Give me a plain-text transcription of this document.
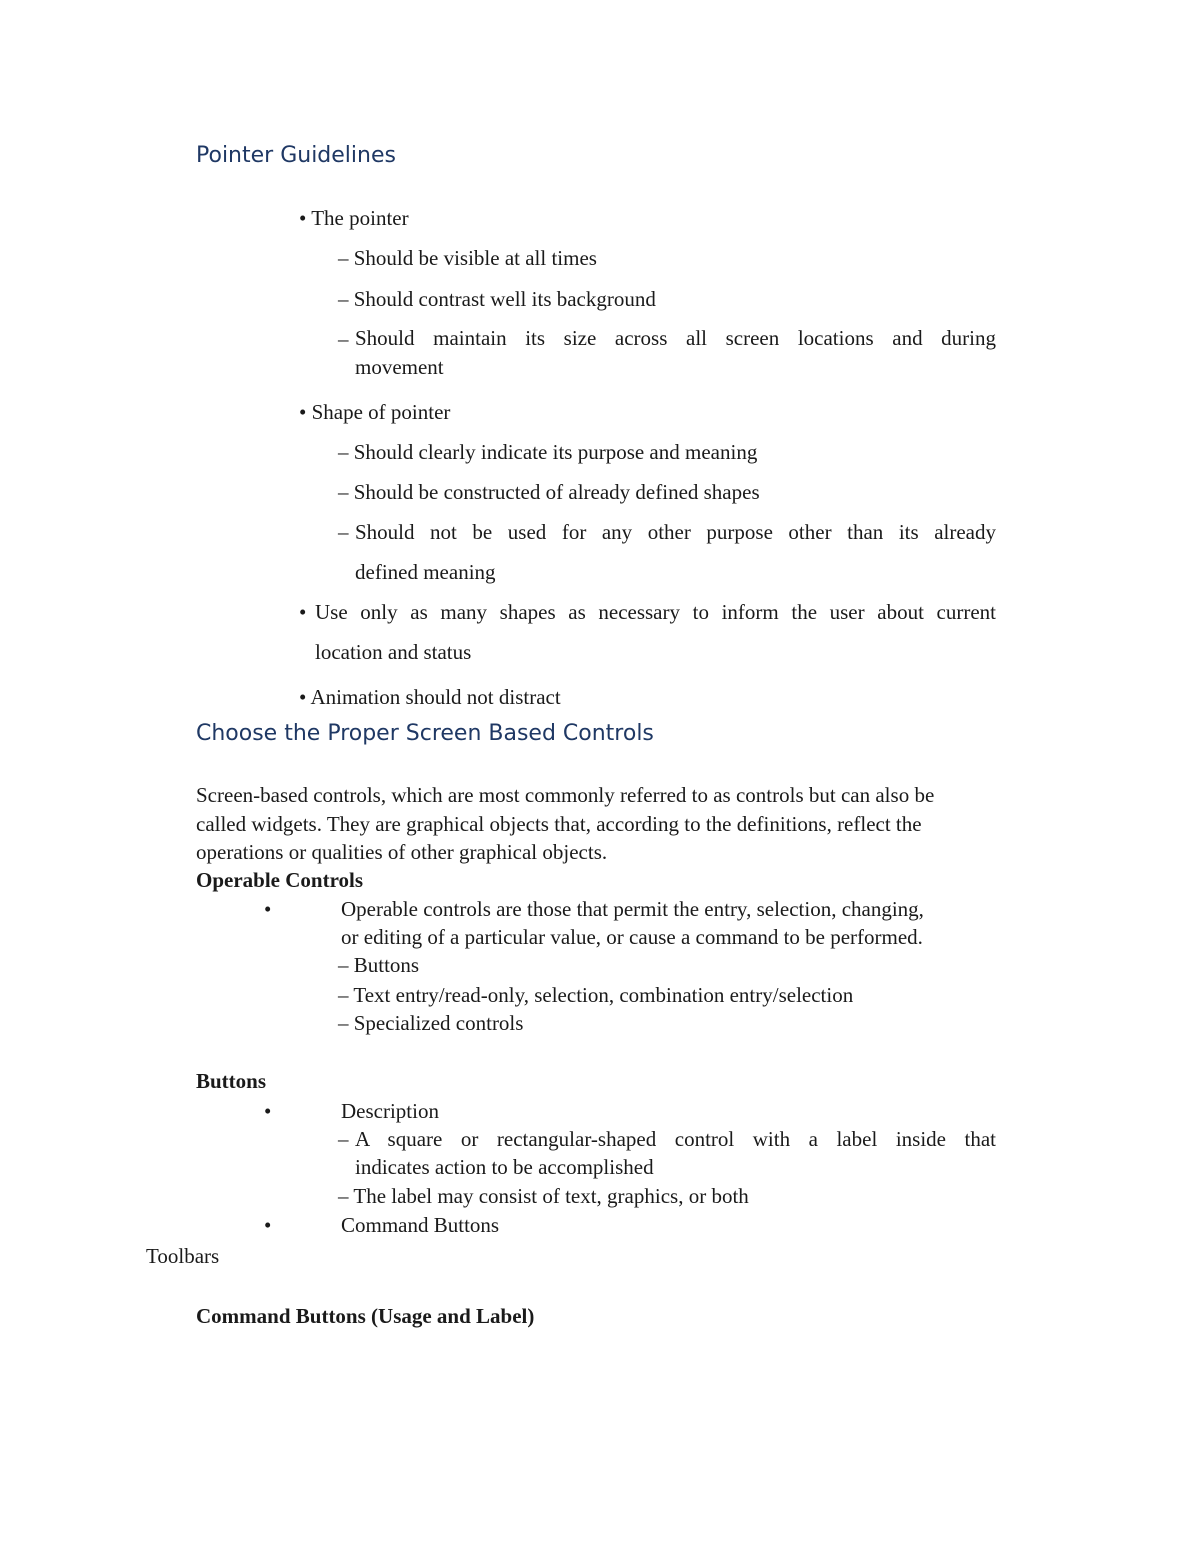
Pointer Guidelines
• The pointer
– Should be visible at all times
– Should contrast well its background
– Should maintain its size across all screen locations and during
movement
• Shape of pointer
– Should clearly indicate its purpose and meaning
– Should be constructed of already defined shapes
– Should not be used for any other purpose other than its already
defined meaning
• Use only as many shapes as necessary to inform the user about current
location and status
• Animation should not distract
Choose the Proper Screen Based Controls
Screen-based controls, which are most commonly referred to as controls but can also be
called widgets. They are graphical objects that, according to the definitions, reflect the
operations or qualities of other graphical objects.
Operable Controls
•	Operable controls are those that permit the entry, selection, changing,
or editing of a particular value, or cause a command to be performed.
– Buttons
– Text entry/read-only, selection, combination entry/selection
– Specialized controls
Buttons
•	Description
– A square or rectangular-shaped control with a label inside that
indicates action to be accomplished
– The label may consist of text, graphics, or both
•	Command Buttons
Toolbars
Command Buttons (Usage and Label)
